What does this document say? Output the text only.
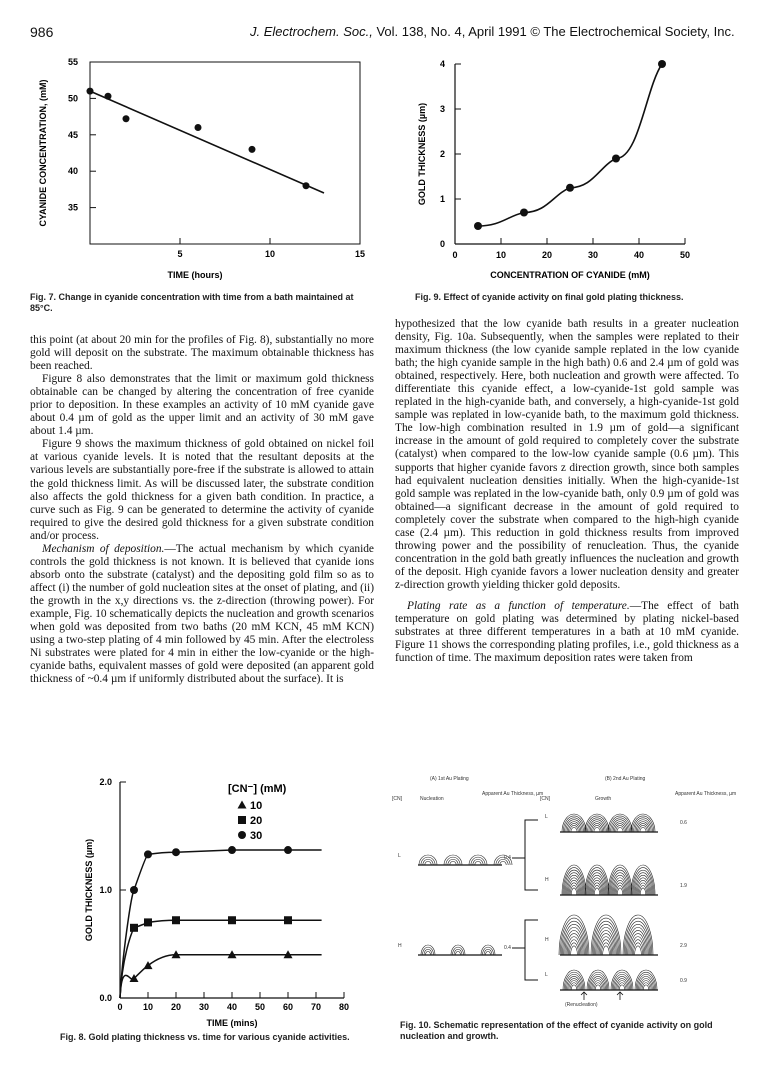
986	J. Electrochem. Soc., Vol. 138, No. 4, April 1991 © The Electrochemical Society, Inc.
35
40
45
50
55
5	10	15
TIME (hours)
CYANIDE CONCENTRATION, (mM)
Fig. 7. Change in cyanide concentration with time from a bath maintained at 85°C.
0
1
2
3
4
0	10	20	30	40	50
CONCENTRATION OF CYANIDE (mM)
GOLD THICKNESS (µm)
Fig. 9. Effect of cyanide activity on final gold plating thickness.

this point (at about 20 min for the profiles of Fig. 8), substantially no more gold will deposit on the substrate. The maximum obtainable thickness has been reached.

Figure 8 also demonstrates that the limit or maximum gold thickness obtainable can be changed by altering the concentration of free cyanide prior to deposition. In these examples an activity of 10 mM cyanide gave about 0.4 µm of gold as the upper limit and an activity of 30 mM gave about 1.4 µm.

Figure 9 shows the maximum thickness of gold obtained on nickel foil at various cyanide levels. It is noted that the resultant deposits at the various levels are substantially pore-free if the substrate is allowed to attain the gold thickness limit. As will be discussed later, the substrate condition also affects the gold thickness for a given bath condition. In practice, a curve such as Fig. 9 can be generated to determine the activity of cyanide required to give the desired gold thickness for a given substrate condition and/or process.

Mechanism of deposition.—The actual mechanism by which cyanide controls the gold thickness is not known. It is believed that cyanide ions absorb onto the substrate (catalyst) and the depositing gold film so as to affect (i) the number of gold nucleation sites at the onset of plating, and (ii) the growth in the x,y directions vs. the z-direction (throwing power). For example, Fig. 10 schematically depicts the nucleation and growth scenarios when gold was deposited from two baths (20 mM KCN, 45 mM KCN) using a two-step plating of 4 min followed by 45 min. After the electroless Ni substrates were plated for 4 min in either the low-cyanide or the high-cyanide baths, equivalent masses of gold were deposited (an apparent gold thickness of ~0.4 µm if uniformly distributed about the surface). It is

hypothesized that the low cyanide bath results in a greater nucleation density, Fig. 10a. Subsequently, when the samples were replated to their maximum thickness (the low cyanide sample replated in the low cyanide bath; the high cyanide sample in the high bath) 0.6 and 2.4 µm of gold was obtained, respectively. Here, both nucleation and growth were affected. To differentiate this cyanide effect, a low-cyanide-1st gold sample was replated in the high-cyanide bath, and conversely, a high-cyanide-1st gold sample was replated in low-cyanide bath, to the maximum gold thickness. The low-high combination resulted in 1.9 µm of gold—a significant increase in the amount of gold required to completely cover the substrate (catalyst) when compared to the low-low cyanide sample (0.6 µm). This supports that higher cyanide favors z direction growth, since both samples had equivalent nucleation densities initially. When the high-cyanide-1st gold sample was replated in the low-cyanide bath, only 0.9 µm of gold was obtained—a significant decrease in the amount of gold required to completely cover the substrate when compared to the high-high cyanide case (2.4 µm). This reduction in gold thickness results from improved throwing power and the possibility of renucleation. Thus, the cyanide concentration in the gold bath greatly influences the nucleation and growth of the deposit. High cyanide favors a lower nucleation density and greater z-direction growth yielding thicker gold deposits.

Plating rate as a function of temperature.—The effect of bath temperature on gold plating was determined by plating nickel-based substrates at three different temperatures in a bath at 10 mM cyanide. Figure 11 shows the corresponding plating profiles, i.e., gold thickness as a function of time. The maximum deposition rates were taken from

0.0
1.0
2.0
0 10 20 30 40 50 60 70 80
TIME (mins)
GOLD THICKNESS (µm)
[CN⁻] (mM)
10
20
30
Fig. 8. Gold plating thickness vs. time for various cyanide activities.
(A) 1st Au Plating	(B) 2nd Au Plating
[CN]	Nucleation
Apparent Au Thickness, µm
[CN]	Growth
Apparent Au Thickness, µm
L	0.4
H	0.4
L
0.6
H
1.9
H
2.9
L
0.9
(Renucleation)
Fig. 10. Schematic representation of the effect of cyanide activity on gold nucleation and growth.
